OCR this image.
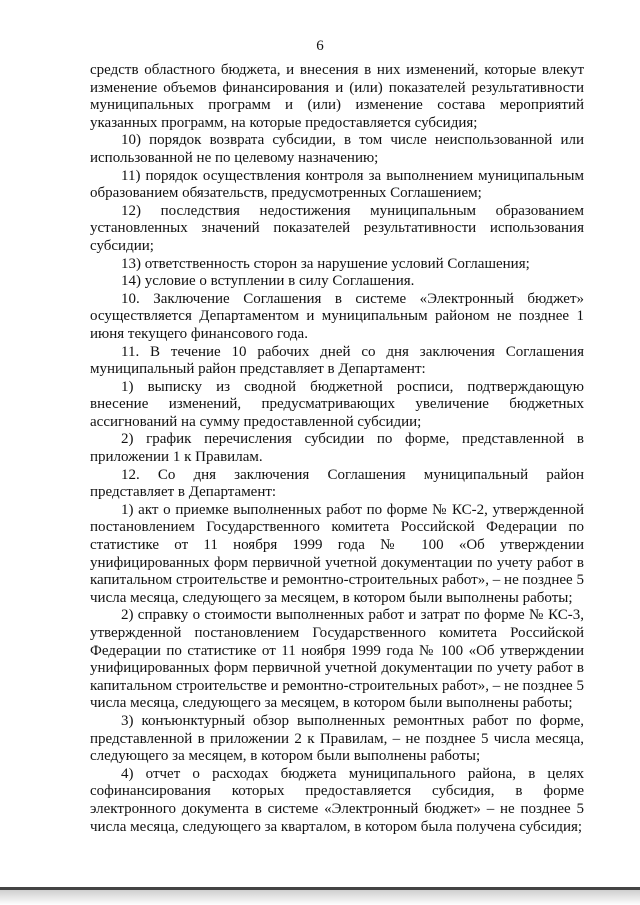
6

средств областного бюджета, и внесения в них изменений, которые влекут изменение объемов финансирования и (или) показателей результативности муниципальных программ и (или) изменение состава мероприятий указанных программ, на которые предоставляется субсидия;

10) порядок возврата субсидии, в том числе неиспользованной или использованной не по целевому назначению;

11) порядок осуществления контроля за выполнением муниципальным образованием обязательств, предусмотренных Соглашением;

12) последствия недостижения муниципальным образованием установленных значений показателей результативности использования субсидии;

13) ответственность сторон за нарушение условий Соглашения;

14) условие о вступлении в силу Соглашения.

10. Заключение Соглашения в системе «Электронный бюджет» осуществляется Департаментом и муниципальным районом не позднее 1 июня текущего финансового года.

11. В течение 10 рабочих дней со дня заключения Соглашения муниципальный район представляет в Департамент:

1) выписку из сводной бюджетной росписи, подтверждающую внесение изменений, предусматривающих увеличение бюджетных ассигнований на сумму предоставленной субсидии;

2) график перечисления субсидии по форме, представленной в приложении 1 к Правилам.

12. Со дня заключения Соглашения муниципальный район представляет в Департамент:

1) акт о приемке выполненных работ по форме № КС-2, утвержденной постановлением Государственного комитета Российской Федерации по статистике от 11 ноября 1999 года № 100 «Об утверждении унифицированных форм первичной учетной документации по учету работ в капитальном строительстве и ремонтно-строительных работ», – не позднее 5 числа месяца, следующего за месяцем, в котором были выполнены работы;

2) справку о стоимости выполненных работ и затрат по форме № КС-3, утвержденной постановлением Государственного комитета Российской Федерации по статистике от 11 ноября 1999 года № 100 «Об утверждении унифицированных форм первичной учетной документации по учету работ в капитальном строительстве и ремонтно-строительных работ», – не позднее 5 числа месяца, следующего за месяцем, в котором были выполнены работы;

3) конъюнктурный обзор выполненных ремонтных работ по форме, представленной в приложении 2 к Правилам, – не позднее 5 числа месяца, следующего за месяцем, в котором были выполнены работы;

4) отчет о расходах бюджета муниципального района, в целях софинансирования которых предоставляется субсидия, в форме электронного документа в системе «Электронный бюджет» – не позднее 5 числа месяца, следующего за кварталом, в котором была получена субсидия;
